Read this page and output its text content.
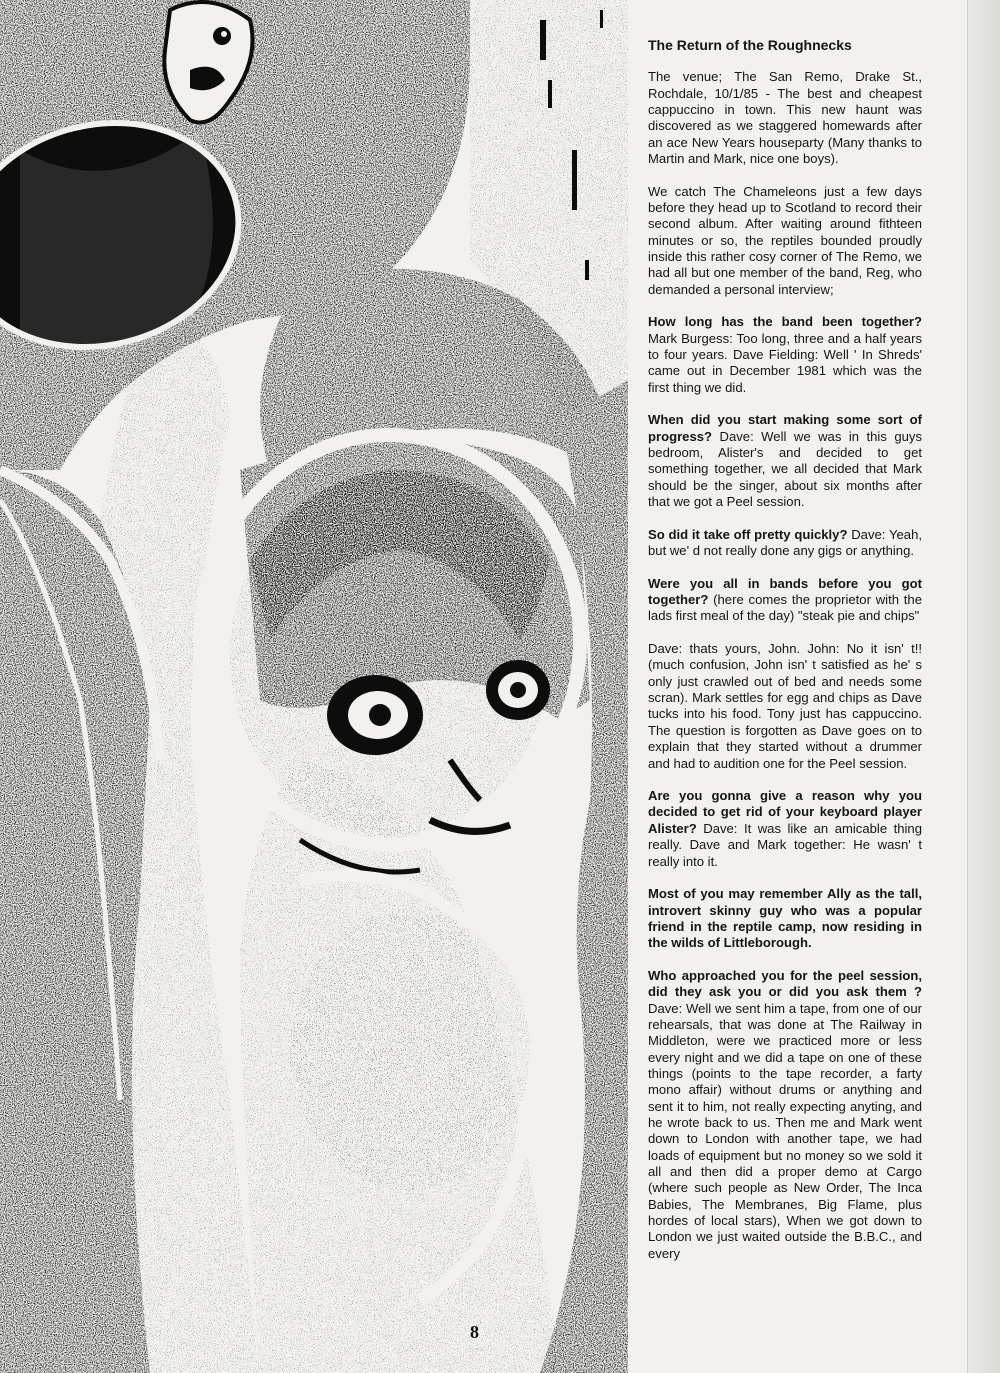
The Return of the Roughnecks

The venue; The San Remo, Drake St., Rochdale, 10/1/85 - The best and cheapest cappuccino in town. This new haunt was discovered as we staggered homewards after an ace New Years houseparty (Many thanks to Martin and Mark, nice one boys).

We catch The Chameleons just a few days before they head up to Scotland to record their second album. After waiting around fithteen minutes or so, the reptiles bounded proudly inside this rather cosy corner of The Remo, we had all but one member of the band, Reg, who demanded a personal interview;

How long has the band been together? Mark Burgess: Too long, three and a half years to four years. Dave Fielding: Well ' In Shreds' came out in December 1981 which was the first thing we did.

When did you start making some sort of progress? Dave: Well we was in this guys bedroom, Alister's and decided to get something together, we all decided that Mark should be the singer, about six months after that we got a Peel session.

So did it take off pretty quickly? Dave: Yeah, but we' d not really done any gigs or anything.

Were you all in bands before you got together? (here comes the proprietor with the lads first meal of the day) "steak pie and chips"

Dave: thats yours, John. John: No it isn' t!! (much confusion, John isn' t satisfied as he' s only just crawled out of bed and needs some scran). Mark settles for egg and chips as Dave tucks into his food. Tony just has cappuccino. The question is forgotten as Dave goes on to explain that they started without a drummer and had to audition one for the Peel session.

Are you gonna give a reason why you decided to get rid of your keyboard player Alister? Dave: It was like an amicable thing really. Dave and Mark together: He wasn' t really into it.

Most of you may remember Ally as the tall, introvert skinny guy who was a popular friend in the reptile camp, now residing in the wilds of Littleborough.

Who approached you for the peel session, did they ask you or did you ask them ? Dave: Well we sent him a tape, from one of our rehearsals, that was done at The Railway in Middleton, were we practiced more or less every night and we did a tape on one of these things (points to the tape recorder, a farty mono affair) without drums or anything and sent it to him, not really expecting anyting, and he wrote back to us. Then me and Mark went down to London with another tape, we had loads of equipment but no money so we sold it all and then did a proper demo at Cargo (where such people as New Order, The Inca Babies, The Membranes, Big Flame, plus hordes of local stars), When we got down to London we just waited outside the B.B.C., and every

8
